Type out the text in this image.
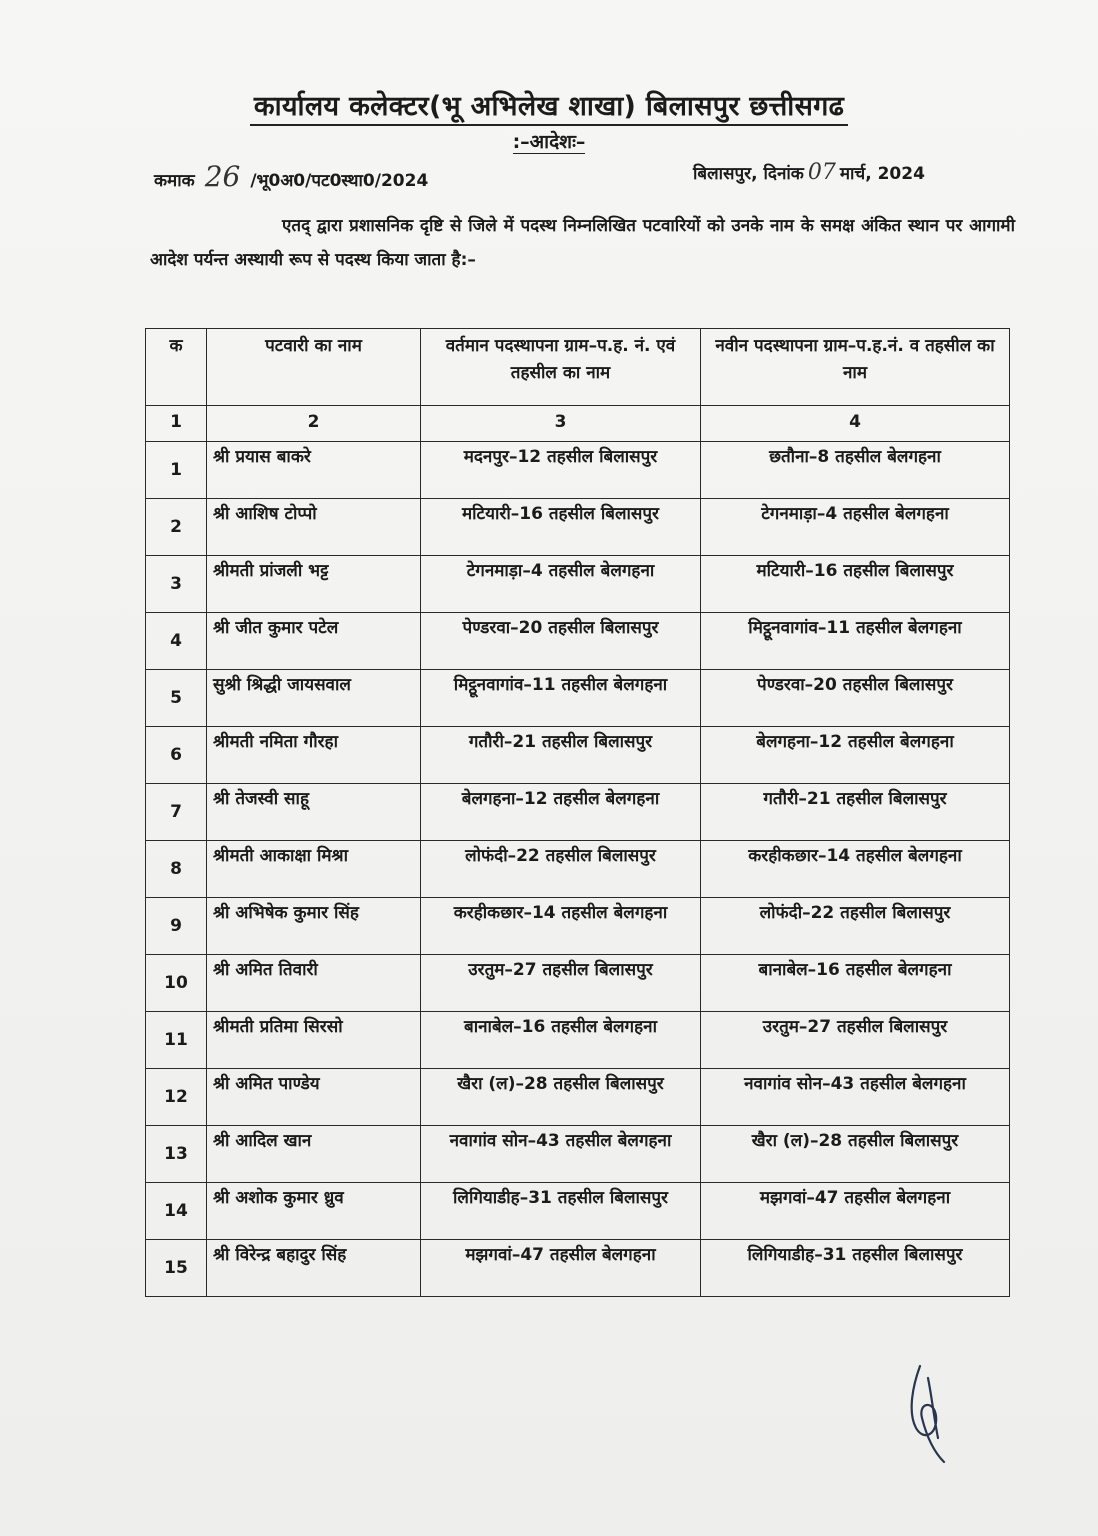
कार्यालय कलेक्टर(भू अभिलेख शाखा) बिलासपुर छत्तीसगढ
:–आदेशः–
कमाक 26 /भू0अ0/पट0स्था0/2024	बिलासपुर, दिनांक 07 मार्च, 2024
एतद् द्वारा प्रशासनिक दृष्टि से जिले में पदस्थ निम्नलिखित पटवारियों को उनके नाम के समक्ष अंकित स्थान पर आगामी आदेश पर्यन्त अस्थायी रूप से पदस्थ किया जाता है:–
क	पटवारी का नाम	वर्तमान पदस्थापना ग्राम–प.ह. नं. एवं तहसील का नाम	नवीन पदस्थापना ग्राम–प.ह.नं. व तहसील का नाम
1	2	3	4
1	श्री प्रयास बाकरे	मदनपुर–12 तहसील बिलासपुर	छतौना–8 तहसील बेलगहना
2	श्री आशिष टोप्पो	मटियारी–16 तहसील बिलासपुर	टेगनमाड़ा–4 तहसील बेलगहना
3	श्रीमती प्रांजली भट्ट	टेगनमाड़ा–4 तहसील बेलगहना	मटियारी–16 तहसील बिलासपुर
4	श्री जीत कुमार पटेल	पेण्डरवा–20 तहसील बिलासपुर	मिट्ठूनवागांव–11 तहसील बेलगहना
5	सुश्री श्रिद्धी जायसवाल	मिट्ठूनवागांव–11 तहसील बेलगहना	पेण्डरवा–20 तहसील बिलासपुर
6	श्रीमती नमिता गौरहा	गतौरी–21 तहसील बिलासपुर	बेलगहना–12 तहसील बेलगहना
7	श्री तेजस्वी साहू	बेलगहना–12 तहसील बेलगहना	गतौरी–21 तहसील बिलासपुर
8	श्रीमती आकाक्षा मिश्रा	लोफंदी–22 तहसील बिलासपुर	करहीकछार–14 तहसील बेलगहना
9	श्री अभिषेक कुमार सिंह	करहीकछार–14 तहसील बेलगहना	लोफंदी–22 तहसील बिलासपुर
10	श्री अमित तिवारी	उरतुम–27 तहसील बिलासपुर	बानाबेल–16 तहसील बेलगहना
11	श्रीमती प्रतिमा सिरसो	बानाबेल–16 तहसील बेलगहना	उरतुम–27 तहसील बिलासपुर
12	श्री अमित पाण्डेय	खैरा (ल)–28 तहसील बिलासपुर	नवागांव सोन–43 तहसील बेलगहना
13	श्री आदिल खान	नवागांव सोन–43 तहसील बेलगहना	खैरा (ल)–28 तहसील बिलासपुर
14	श्री अशोक कुमार ध्रुव	लिगियाडीह–31 तहसील बिलासपुर	मझगवां–47 तहसील बेलगहना
15	श्री विरेन्द्र बहादुर सिंह	मझगवां–47 तहसील बेलगहना	लिगियाडीह–31 तहसील बिलासपुर
